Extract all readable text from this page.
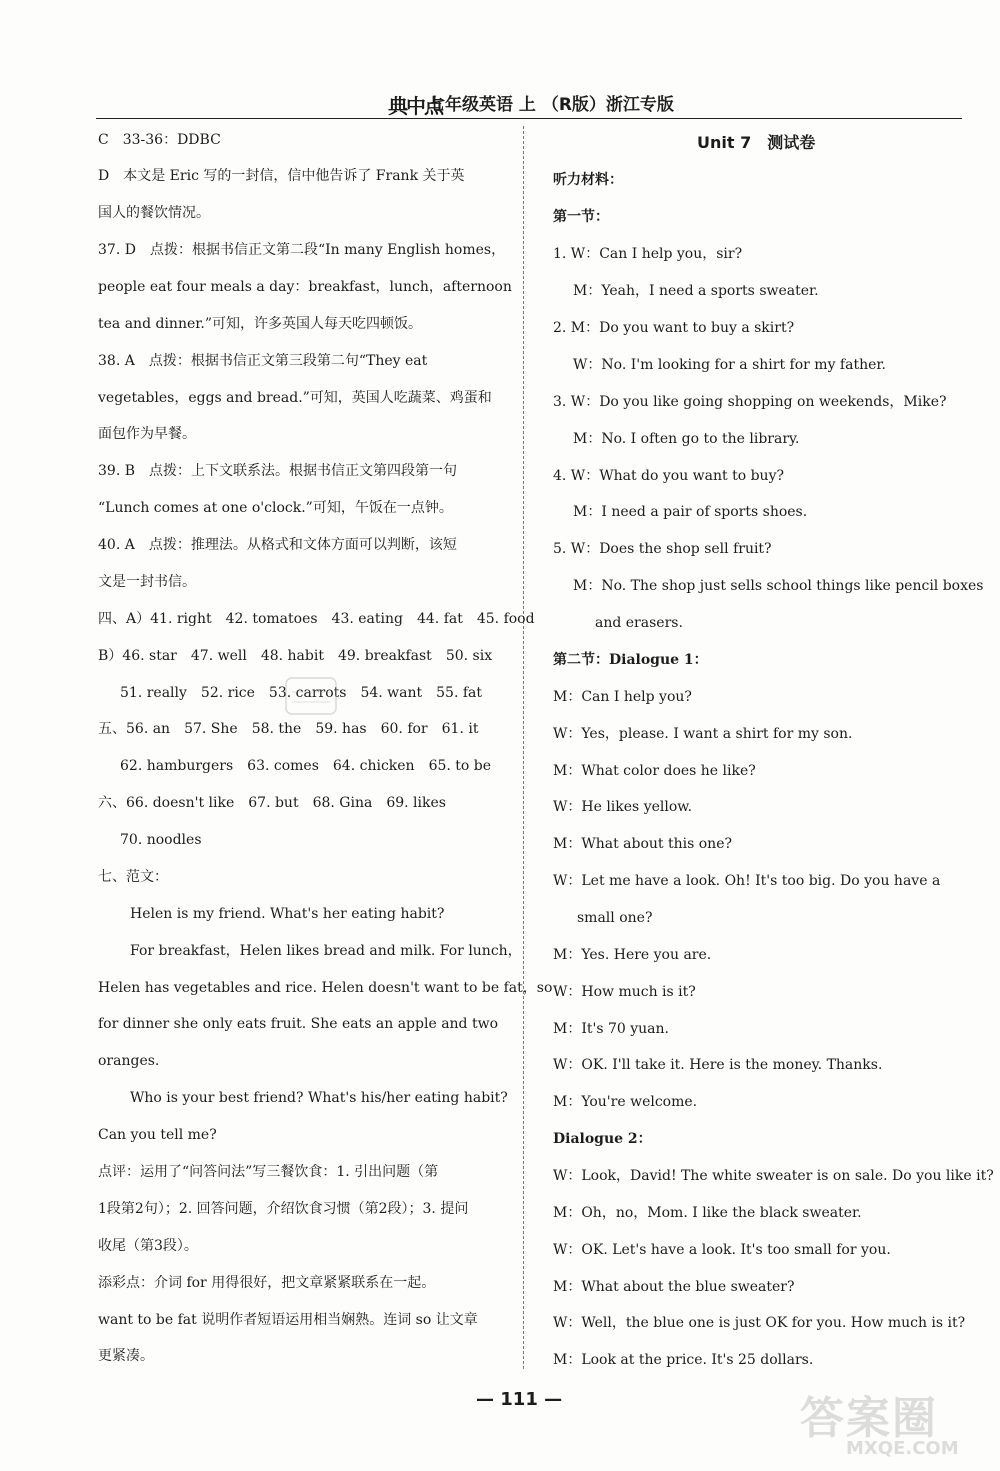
典中点
七年级英语 上 （R版）浙江专版
C　33-36：DDBC
D　本文是 Eric 写的一封信，信中他告诉了 Frank 关于英
国人的餐饮情况。
37. D　点拨：根据书信正文第二段“In many English homes，
people eat four meals a day：breakfast，lunch，afternoon
tea and dinner.”可知，许多英国人每天吃四顿饭。
38. A　点拨：根据书信正文第三段第二句“They eat
vegetables，eggs and bread.”可知，英国人吃蔬菜、鸡蛋和
面包作为早餐。
39. B　点拨：上下文联系法。根据书信正文第四段第一句
“Lunch comes at one o'clock.”可知，午饭在一点钟。
40. A　点拨：推理法。从格式和文体方面可以判断，该短
文是一封书信。
四、A）41. right　 42. tomatoes　 43. eating　 44. fat　 45. food
B）46. star　 47. well　 48. habit　 49. breakfast　 50. six
51. really　 52. rice　 53. carrots　 54. want　 55. fat
五、56. an　 57. She　 58. the　 59. has　 60. for　 61. it
62. hamburgers　 63. comes　 64. chicken　 65. to be
六、66. doesn't like　 67. but　 68. Gina　 69. likes
70. noodles
七、范文：
Helen is my friend. What's her eating habit?
For breakfast，Helen likes bread and milk. For lunch，
Helen has vegetables and rice. Helen doesn't want to be fat，so
for dinner she only eats fruit. She eats an apple and two
oranges.
Who is your best friend? What's his/her eating habit?
Can you tell me?
点评：运用了“问答问法”写三餐饮食：1. 引出问题（第
1段第2句）；2. 回答问题，介绍饮食习惯（第2段）；3. 提问
收尾（第3段）。
添彩点：介词 for 用得很好，把文章紧紧联系在一起。
want to be fat 说明作者短语运用相当娴熟。连词 so 让文章
更紧凑。
Unit 7　测试卷
听力材料：
第一节：
1. W：Can I help you，sir?
M：Yeah，I need a sports sweater.
2. M：Do you want to buy a skirt?
W：No. I'm looking for a shirt for my father.
3. W：Do you like going shopping on weekends，Mike?
M：No. I often go to the library.
4. W：What do you want to buy?
M：I need a pair of sports shoes.
5. W：Does the shop sell fruit?
M：No. The shop just sells school things like pencil boxes
and erasers.
第二节：Dialogue 1：
M：Can I help you?
W：Yes，please. I want a shirt for my son.
M：What color does he like?
W：He likes yellow.
M：What about this one?
W：Let me have a look. Oh! It's too big. Do you have a
small one?
M：Yes. Here you are.
W：How much is it?
M：It's 70 yuan.
W：OK. I'll take it. Here is the money. Thanks.
M：You're welcome.
Dialogue 2：
W：Look，David! The white sweater is on sale. Do you like it?
M：Oh，no，Mom. I like the black sweater.
W：OK. Let's have a look. It's too small for you.
M：What about the blue sweater?
W：Well，the blue one is just OK for you. How much is it?
M：Look at the price. It's 25 dollars.
— 111 —	答案圈
MXQE.COM
